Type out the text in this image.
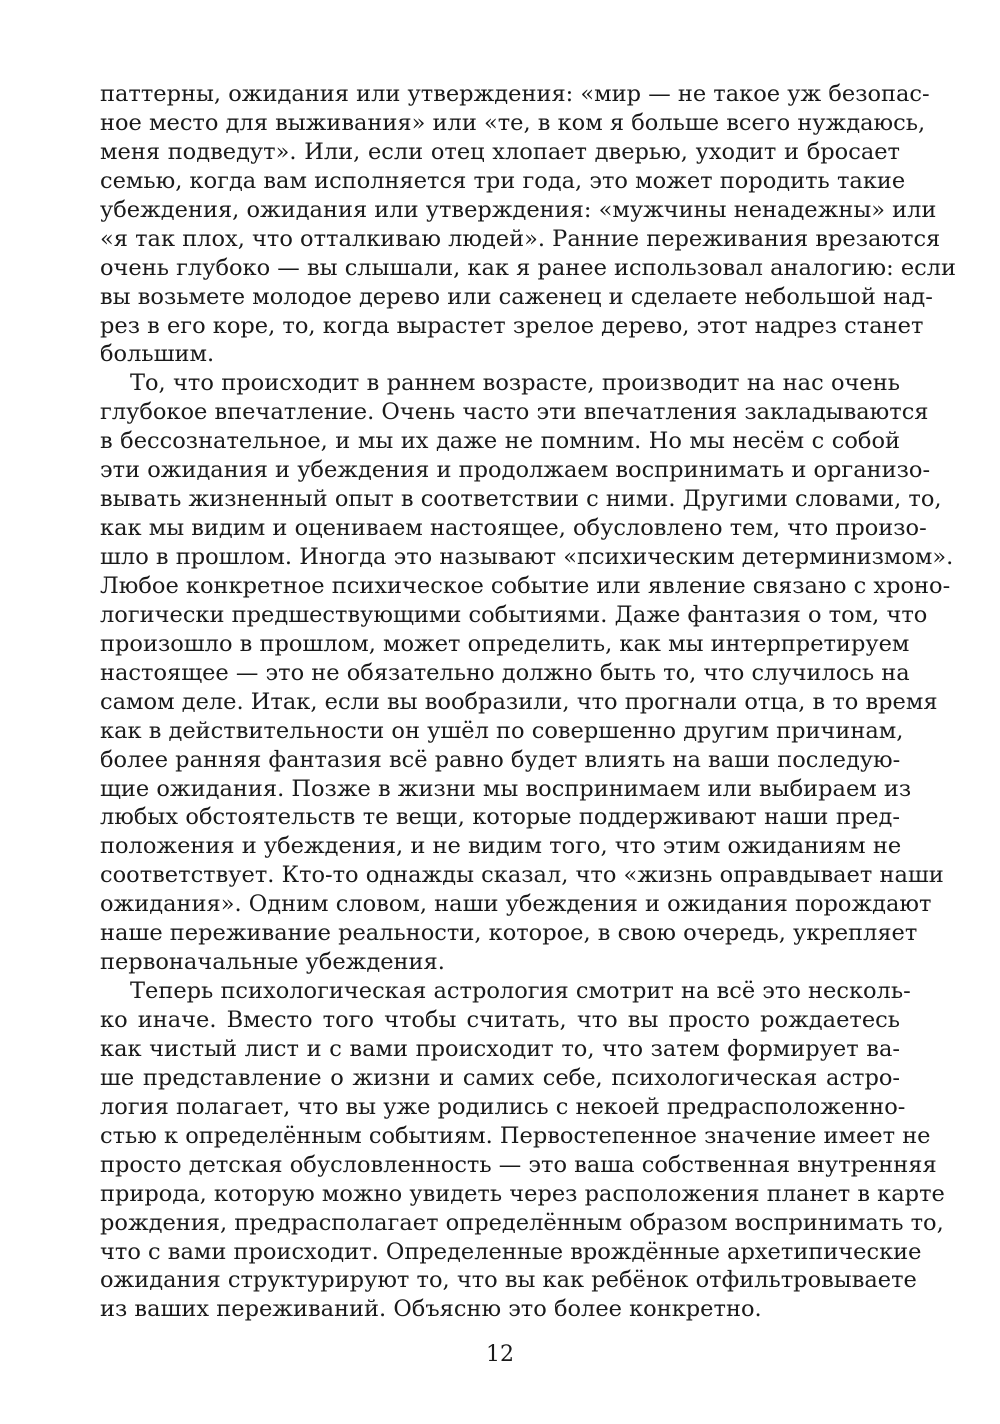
паттерны, ожидания или утверждения: «мир — не такое уж безопас-
ное место для выживания» или «те, в ком я больше всего нуждаюсь,
меня подведут». Или, если отец хлопает дверью, уходит и бросает
семью, когда вам исполняется три года, это может породить такие
убеждения, ожидания или утверждения: «мужчины ненадежны» или
«я так плох, что отталкиваю людей». Ранние переживания врезаются
очень глубоко — вы слышали, как я ранее использовал аналогию: если
вы возьмете молодое дерево или саженец и сделаете небольшой над-
рез в его коре, то, когда вырастет зрелое дерево, этот надрез станет
большим.
То, что происходит в раннем возрасте, производит на нас очень
глубокое впечатление. Очень часто эти впечатления закладываются
в бессознательное, и мы их даже не помним. Но мы несём с собой
эти ожидания и убеждения и продолжаем воспринимать и организо-
вывать жизненный опыт в соответствии с ними. Другими словами, то,
как мы видим и оцениваем настоящее, обусловлено тем, что произо-
шло в прошлом. Иногда это называют «психическим детерминизмом».
Любое конкретное психическое событие или явление связано с хроно-
логически предшествующими событиями. Даже фантазия о том, что
произошло в прошлом, может определить, как мы интерпретируем
настоящее — это не обязательно должно быть то, что случилось на
самом деле. Итак, если вы вообразили, что прогнали отца, в то время
как в действительности он ушёл по совершенно другим причинам,
более ранняя фантазия всё равно будет влиять на ваши последую-
щие ожидания. Позже в жизни мы воспринимаем или выбираем из
любых обстоятельств те вещи, которые поддерживают наши пред-
положения и убеждения, и не видим того, что этим ожиданиям не
соответствует. Кто-то однажды сказал, что «жизнь оправдывает наши
ожидания». Одним словом, наши убеждения и ожидания порождают
наше переживание реальности, которое, в свою очередь, укрепляет
первоначальные убеждения.
Теперь психологическая астрология смотрит на всё это несколь-
ко иначе. Вместо того чтобы считать, что вы просто рождаетесь
как чистый лист и с вами происходит то, что затем формирует ва-
ше представление о жизни и самих себе, психологическая астро-
логия полагает, что вы уже родились с некоей предрасположенно-
стью к определённым событиям. Первостепенное значение имеет не
просто детская обусловленность — это ваша собственная внутренняя
природа, которую можно увидеть через расположения планет в карте
рождения, предрасполагает определённым образом воспринимать то,
что с вами происходит. Определенные врождённые архетипические
ожидания структурируют то, что вы как ребёнок отфильтровываете
из ваших переживаний. Объясню это более конкретно.
12
